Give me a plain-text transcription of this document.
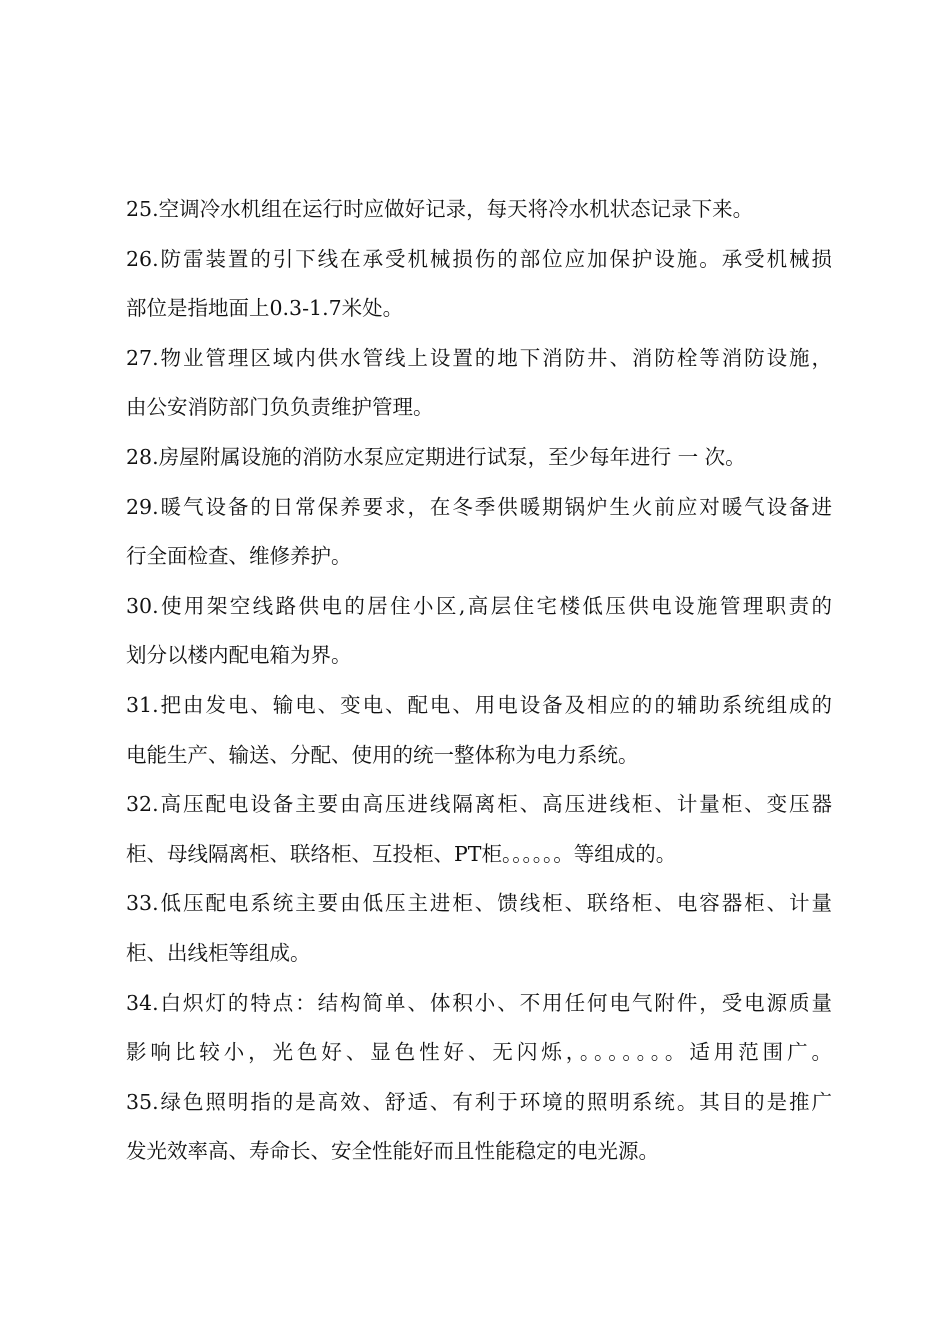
25.空调冷水机组在运行时应做好记录，每天将冷水机状态记录下来。
26.防雷装置的引下线在承受机械损伤的部位应加保护设施。承受机械损
部位是指地面上0.3-1.7米处。
27.物业管理区域内供水管线上设置的地下消防井、消防栓等消防设施，
由公安消防部门负负责维护管理。
28.房屋附属设施的消防水泵应定期进行试泵，至少每年进行 一 次。
29.暖气设备的日常保养要求，在冬季供暖期锅炉生火前应对暖气设备进
行全面检查、维修养护。
30.使用架空线路供电的居住小区,高层住宅楼低压供电设施管理职责的
划分以楼内配电箱为界。
31.把由发电、输电、变电、配电、用电设备及相应的的辅助系统组成的
电能生产、输送、分配、使用的统一整体称为电力系统。
32.高压配电设备主要由高压进线隔离柜、高压进线柜、计量柜、变压器
柜、母线隔离柜、联络柜、互投柜、PT柜。。。。。。等组成的。
33.低压配电系统主要由低压主进柜、馈线柜、联络柜、电容器柜、计量
柜、出线柜等组成。
34.白炽灯的特点：结构简单、体积小、不用任何电气附件，受电源质量
影响比较小，光色好、显色性好、无闪烁，。。。。。。。适用范围广。
35.绿色照明指的是高效、舒适、有利于环境的照明系统。其目的是推广
发光效率高、寿命长、安全性能好而且性能稳定的电光源。
